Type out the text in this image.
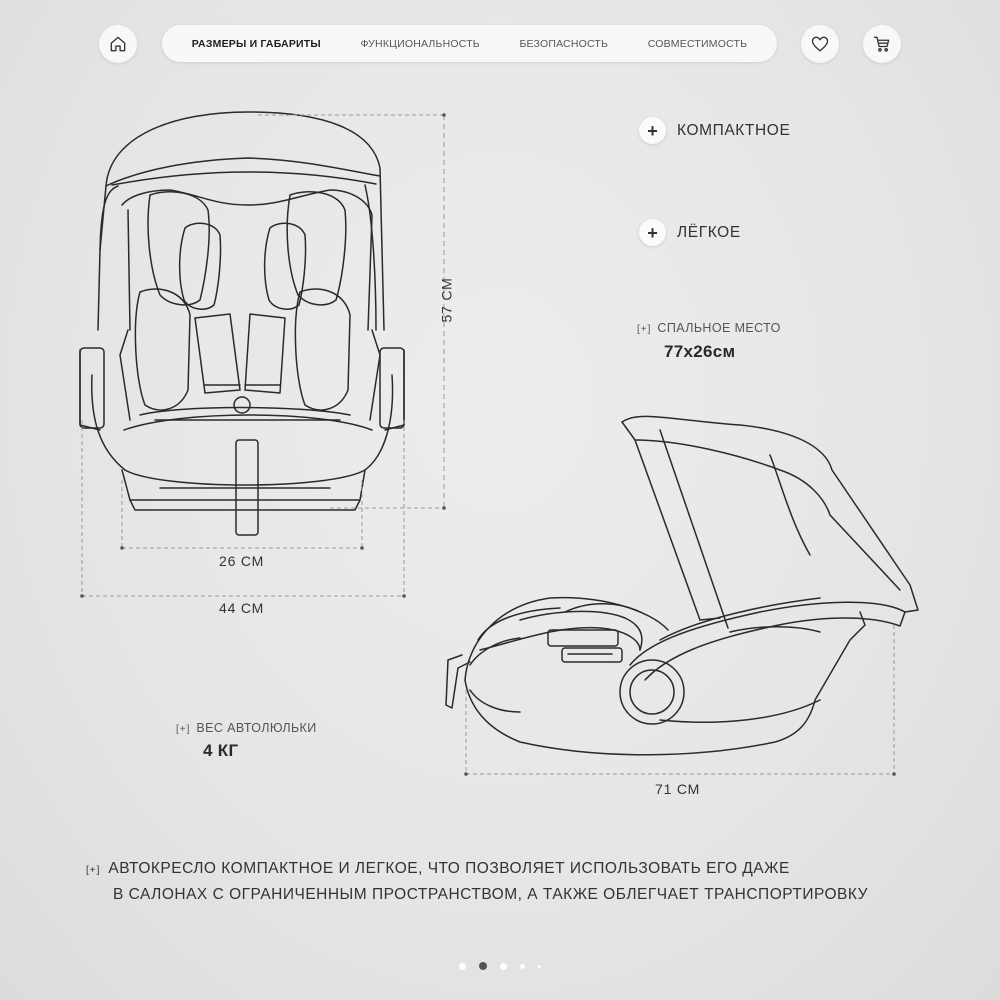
РАЗМЕРЫ И ГАБАРИТЫ	ФУНКЦИОНАЛЬНОСТЬ	БЕЗОПАСНОСТЬ	СОВМЕСТИМОСТЬ
57 СМ
26 СМ
44 СМ
71 СМ
+	КОМПАКТНОЕ
+	ЛЁГКОЕ
[+] СПАЛЬНОЕ МЕСТО
77x26см
[+] ВЕС АВТОЛЮЛЬКИ
4 КГ
[+] АВТОКРЕСЛО КОМПАКТНОЕ И ЛЕГКОЕ, ЧТО ПОЗВОЛЯЕТ ИСПОЛЬЗОВАТЬ ЕГО ДАЖЕ
В САЛОНАХ С ОГРАНИЧЕННЫМ ПРОСТРАНСТВОМ, А ТАКЖЕ ОБЛЕГЧАЕТ ТРАНСПОРТИРОВКУ
